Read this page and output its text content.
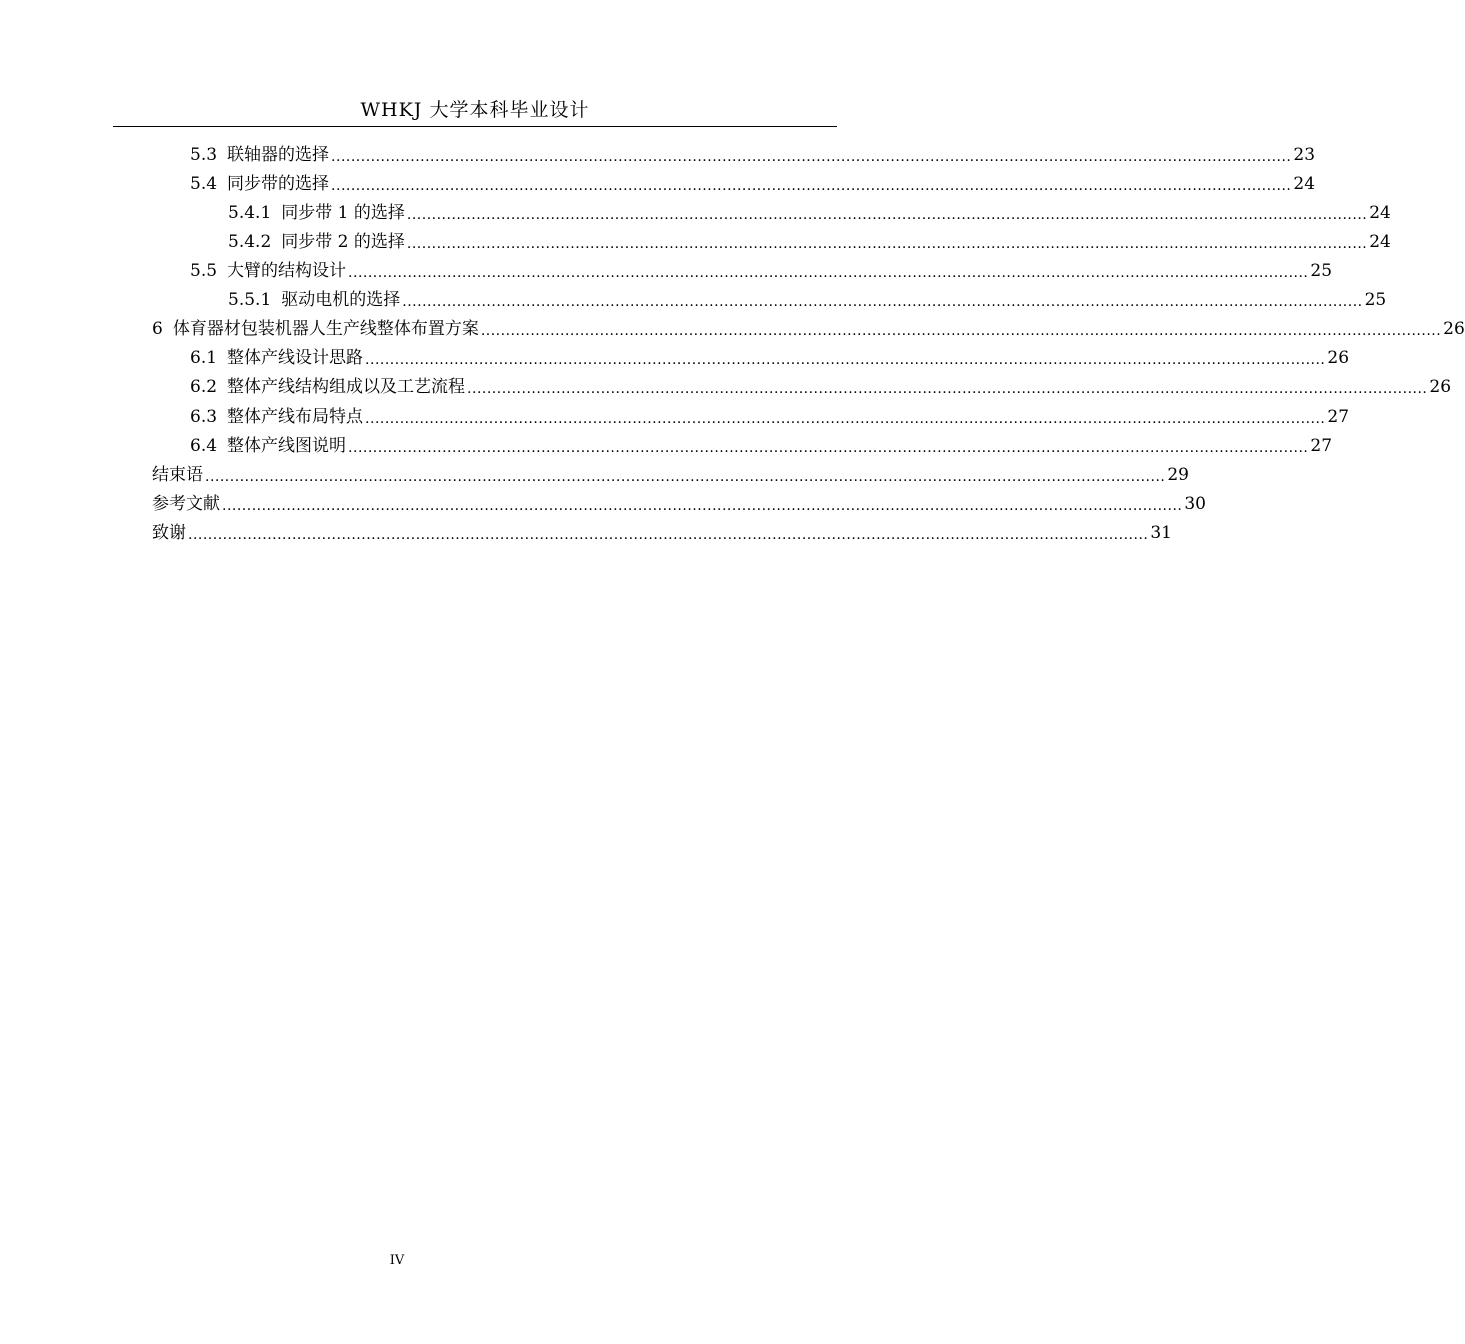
WHKJ 大学本科毕业设计
5.3 联轴器的选择 .................................................................................................................................................................................................. 23
5.4 同步带的选择 .................................................................................................................................................................................................. 24
5.4.1 同步带 1 的选择 .................................................................................................................................................................................................. 24
5.4.2 同步带 2 的选择 .................................................................................................................................................................................................. 24
5.5 大臂的结构设计 .................................................................................................................................................................................................. 25
5.5.1 驱动电机的选择 .................................................................................................................................................................................................. 25
6 体育器材包装机器人生产线整体布置方案 .................................................................................................................................................................................................. 26
6.1 整体产线设计思路 .................................................................................................................................................................................................. 26
6.2 整体产线结构组成以及工艺流程 .................................................................................................................................................................................................. 26
6.3 整体产线布局特点 .................................................................................................................................................................................................. 27
6.4 整体产线图说明 .................................................................................................................................................................................................. 27
结束语 .................................................................................................................................................................................................. 29
参考文献 .................................................................................................................................................................................................. 30
致谢 .................................................................................................................................................................................................. 31
IV
